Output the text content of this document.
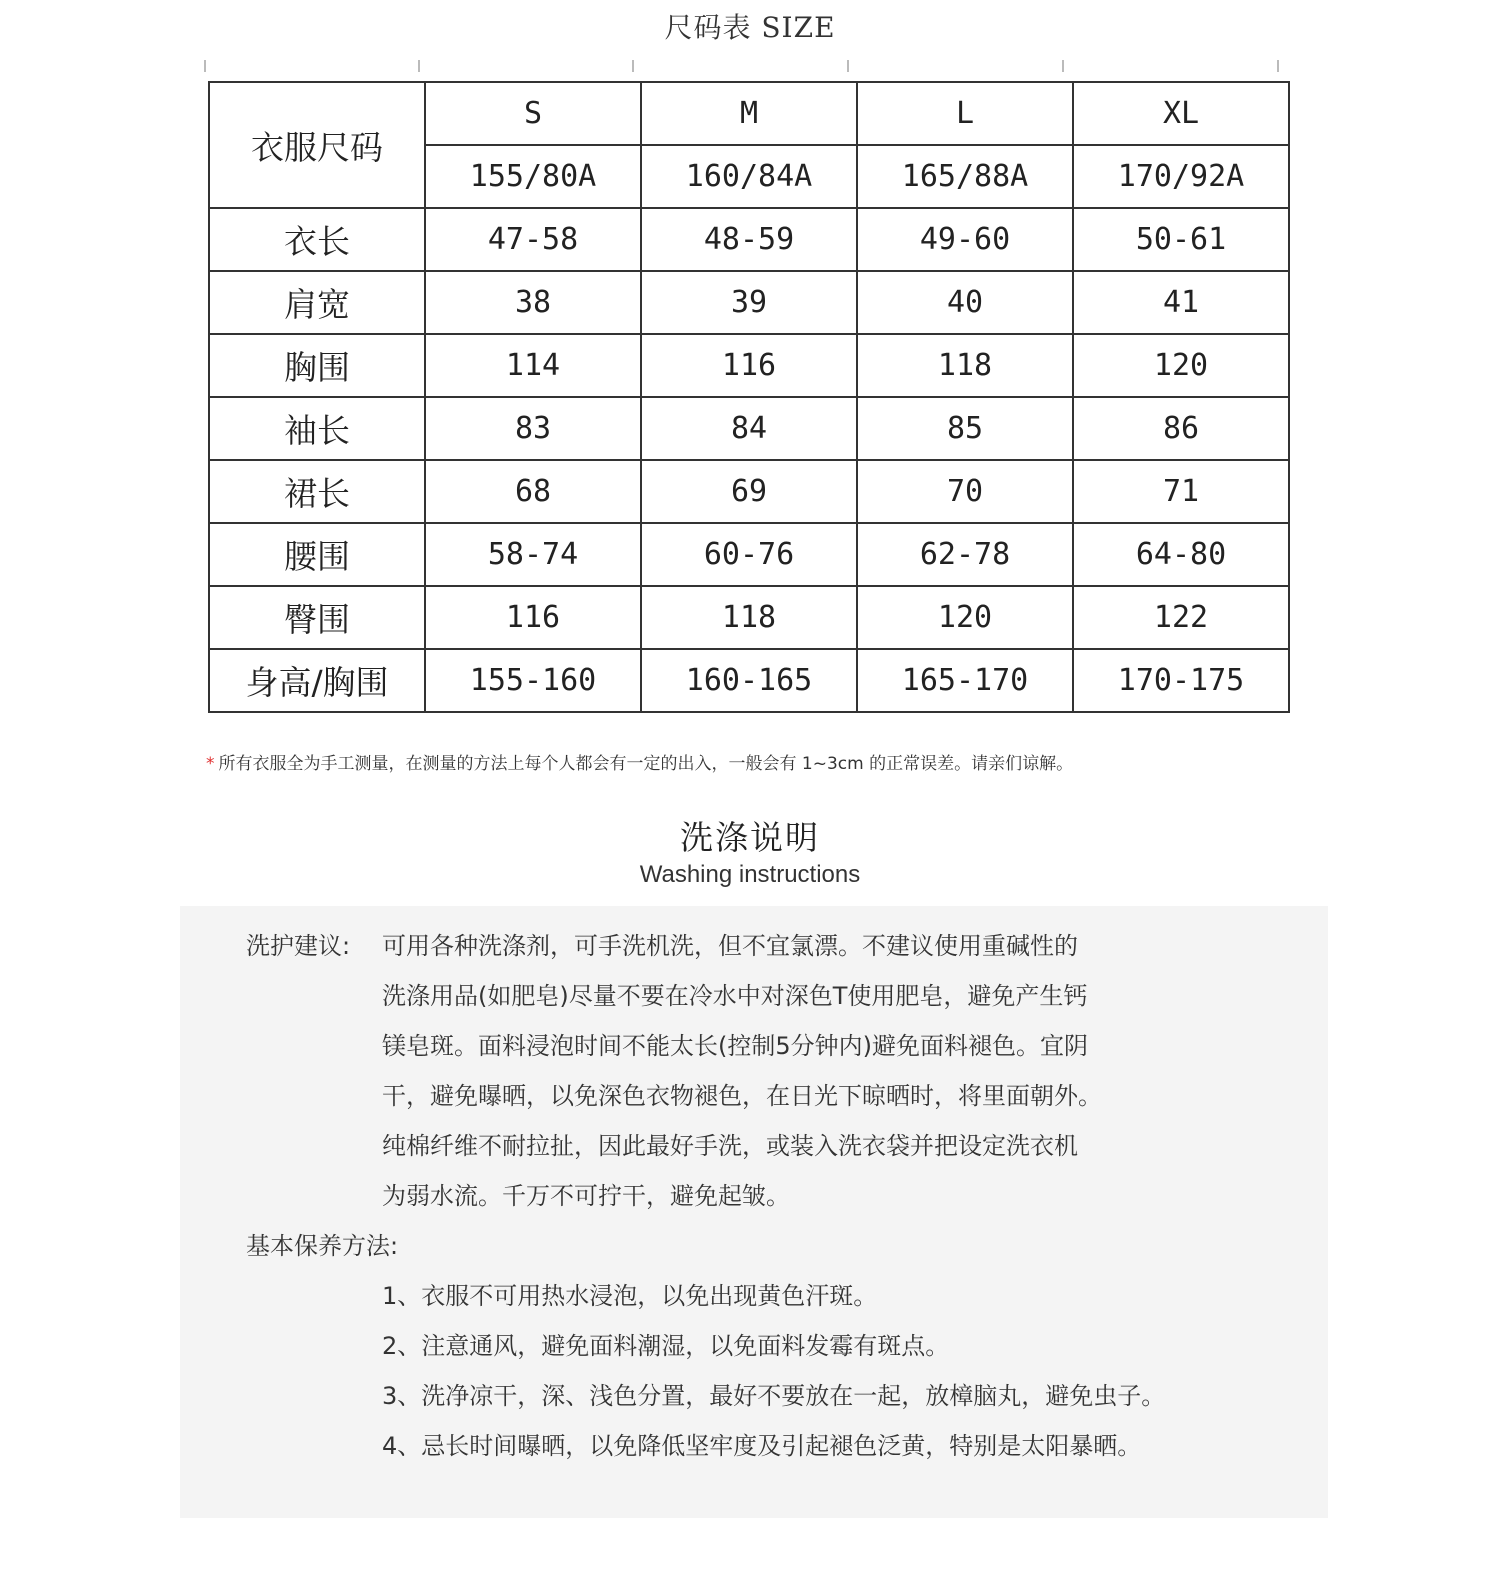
尺码表 SIZE
衣服尺码	S	M	L	XL
	155/80A	160/84A	165/88A	170/92A
衣长	47-58	48-59	49-60	50-61
肩宽	38	39	40	41
胸围	114	116	118	120
袖长	83	84	85	86
裙长	68	69	70	71
腰围	58-74	60-76	62-78	64-80
臀围	116	118	120	122
身高/胸围	155-160	160-165	165-170	170-175
* 所有衣服全为手工测量，在测量的方法上每个人都会有一定的出入，一般会有 1~3cm 的正常误差。请亲们谅解。
洗涤说明
Washing instructions
洗护建议: 可用各种洗涤剂，可手洗机洗，但不宜氯漂。不建议使用重碱性的
洗涤用品(如肥皂)尽量不要在冷水中对深色T使用肥皂，避免产生钙
镁皂斑。面料浸泡时间不能太长(控制5分钟内)避免面料褪色。宜阴
干，避免曝晒，以免深色衣物褪色，在日光下晾晒时，将里面朝外。
纯棉纤维不耐拉扯，因此最好手洗，或装入洗衣袋并把设定洗衣机
为弱水流。千万不可拧干，避免起皱。
基本保养方法:
1、衣服不可用热水浸泡，以免出现黄色汗斑。
2、注意通风，避免面料潮湿，以免面料发霉有斑点。
3、洗净凉干，深、浅色分置，最好不要放在一起，放樟脑丸，避免虫子。
4、忌长时间曝晒，以免降低坚牢度及引起褪色泛黄，特别是太阳暴晒。
